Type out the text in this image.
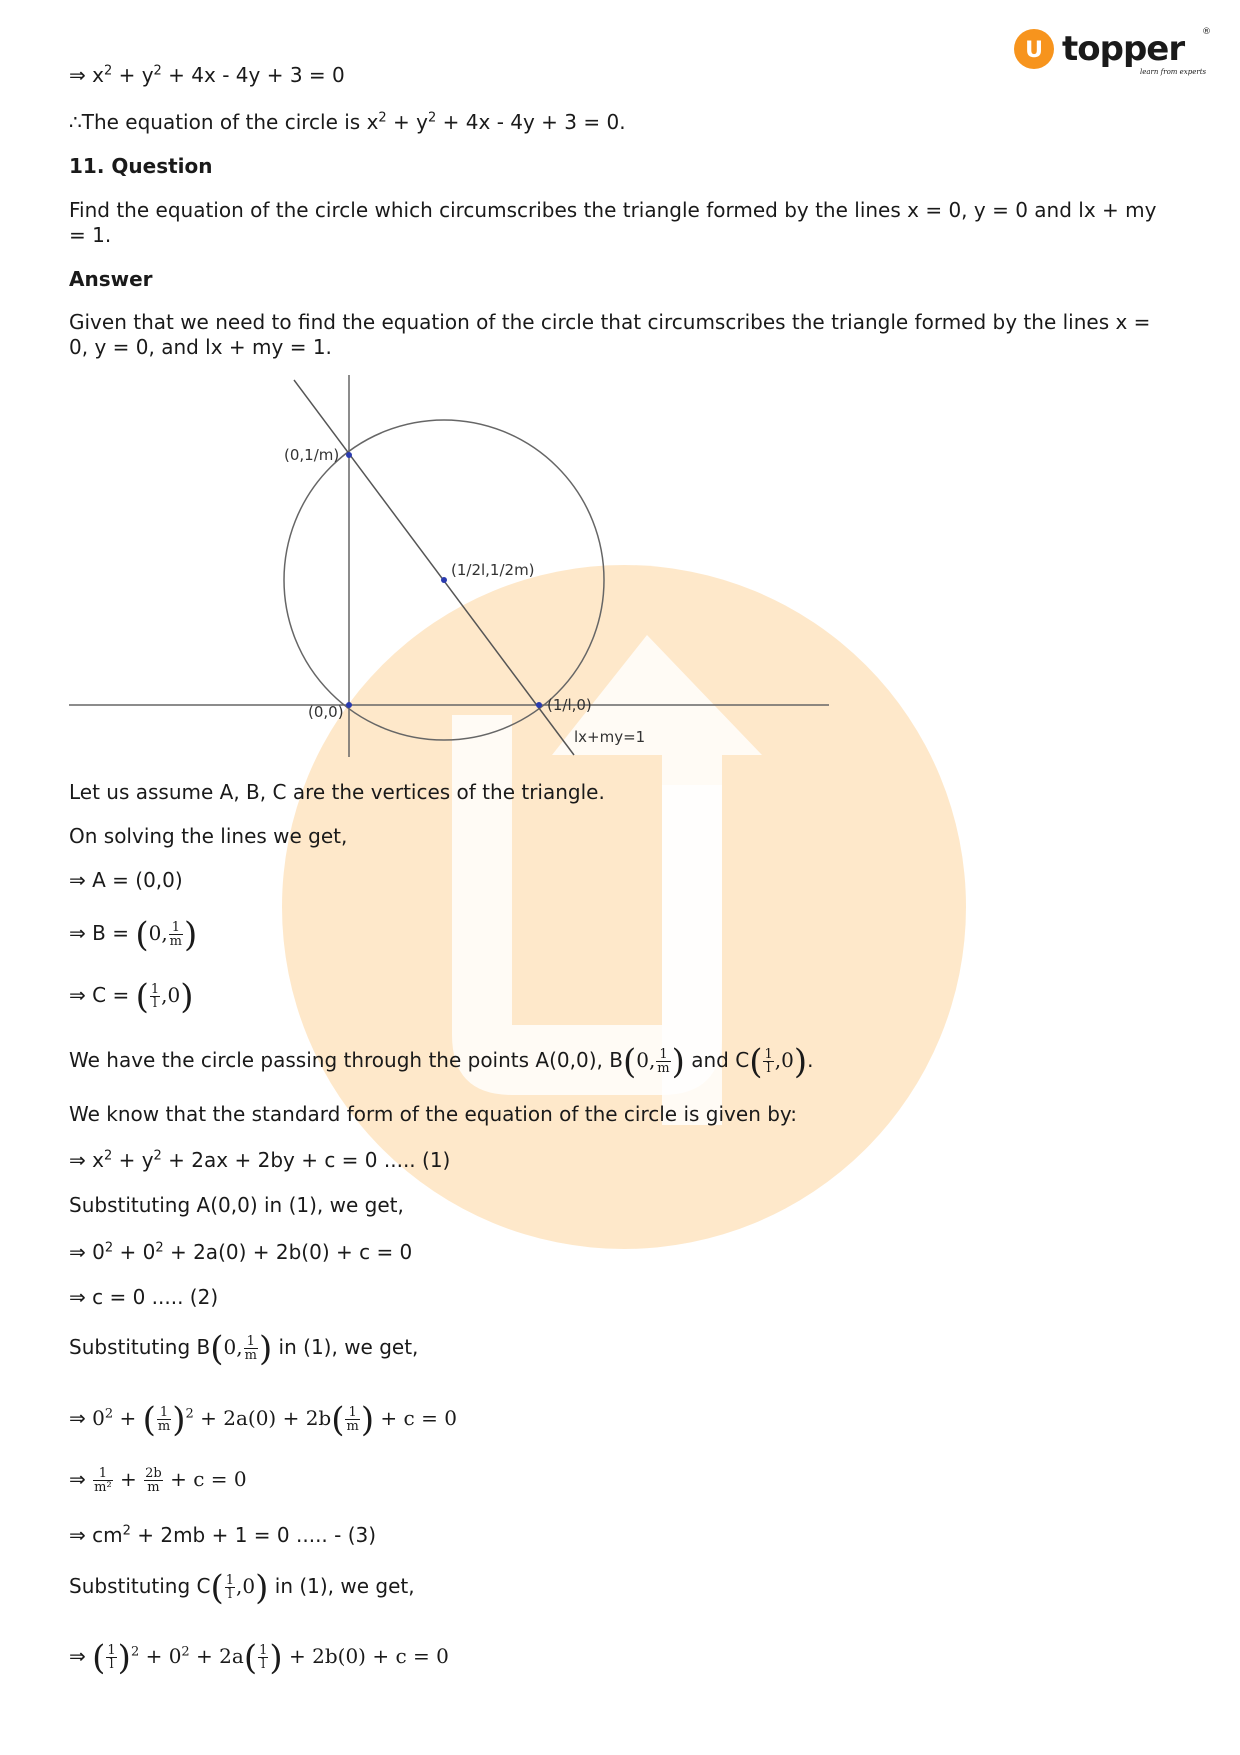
U topper ®
learn from experts
⇒ $x^2 + y^2 + 4x - 4y + 3 = 0$
∴The equation of the circle is $x^2 + y^2 + 4x - 4y + 3 = 0$.
11. Question
Find the equation of the circle which circumscribes the triangle formed by the lines x = 0, y = 0 and lx + my = 1.
Answer
Given that we need to find the equation of the circle that circumscribes the triangle formed by the lines x = 0, y = 0, and lx + my = 1.
Let us assume A, B, C are the vertices of the triangle.
On solving the lines we get,
⇒ A = (0,0)
⇒ B = (0, $\frac{1}{m}$ )
⇒ C = ( $\frac{1}{l} ,0$)
We have the circle passing through the points A(0,0), B(0, $\frac{1}{m}$ ) and $C( \frac{1}{l} ,0)$.
We know that the standard form of the equation of the circle is given by:
⇒ $x^2 + y^2 + 2ax + 2by + c = 0$ ..... (1)
Substituting A(0,0) in (1), we get,
⇒ $0^2 + 0^2 + 2a(0) + 2b(0) + c = 0$
⇒ c = 0 ..... (2)
Substituting B(0, $\frac{1}{m}$ ) in (1), we get,
⇒ $0^2$ + ( $\frac{1}{m} )^2 + 2a(0) + 2b( \frac{1}{m}$ ) + c = 0
⇒ $\frac{1}{\text{m²}} + \frac{2b}{m} + c = 0$
⇒ $cm^2 + 2mb + 1 = 0$ ..... - (3)
Substituting $C( \frac{1}{l} ,0)$ in (1), we get,
⇒ ( $\frac{1}{l} )^2 + 0^2 + 2a( \frac{1}{l}$ ) + 2b(0) + c = 0
(0,1/m)
(1/2l,1/2m)
(0,0)	(1/l,0)
lx+my=1
